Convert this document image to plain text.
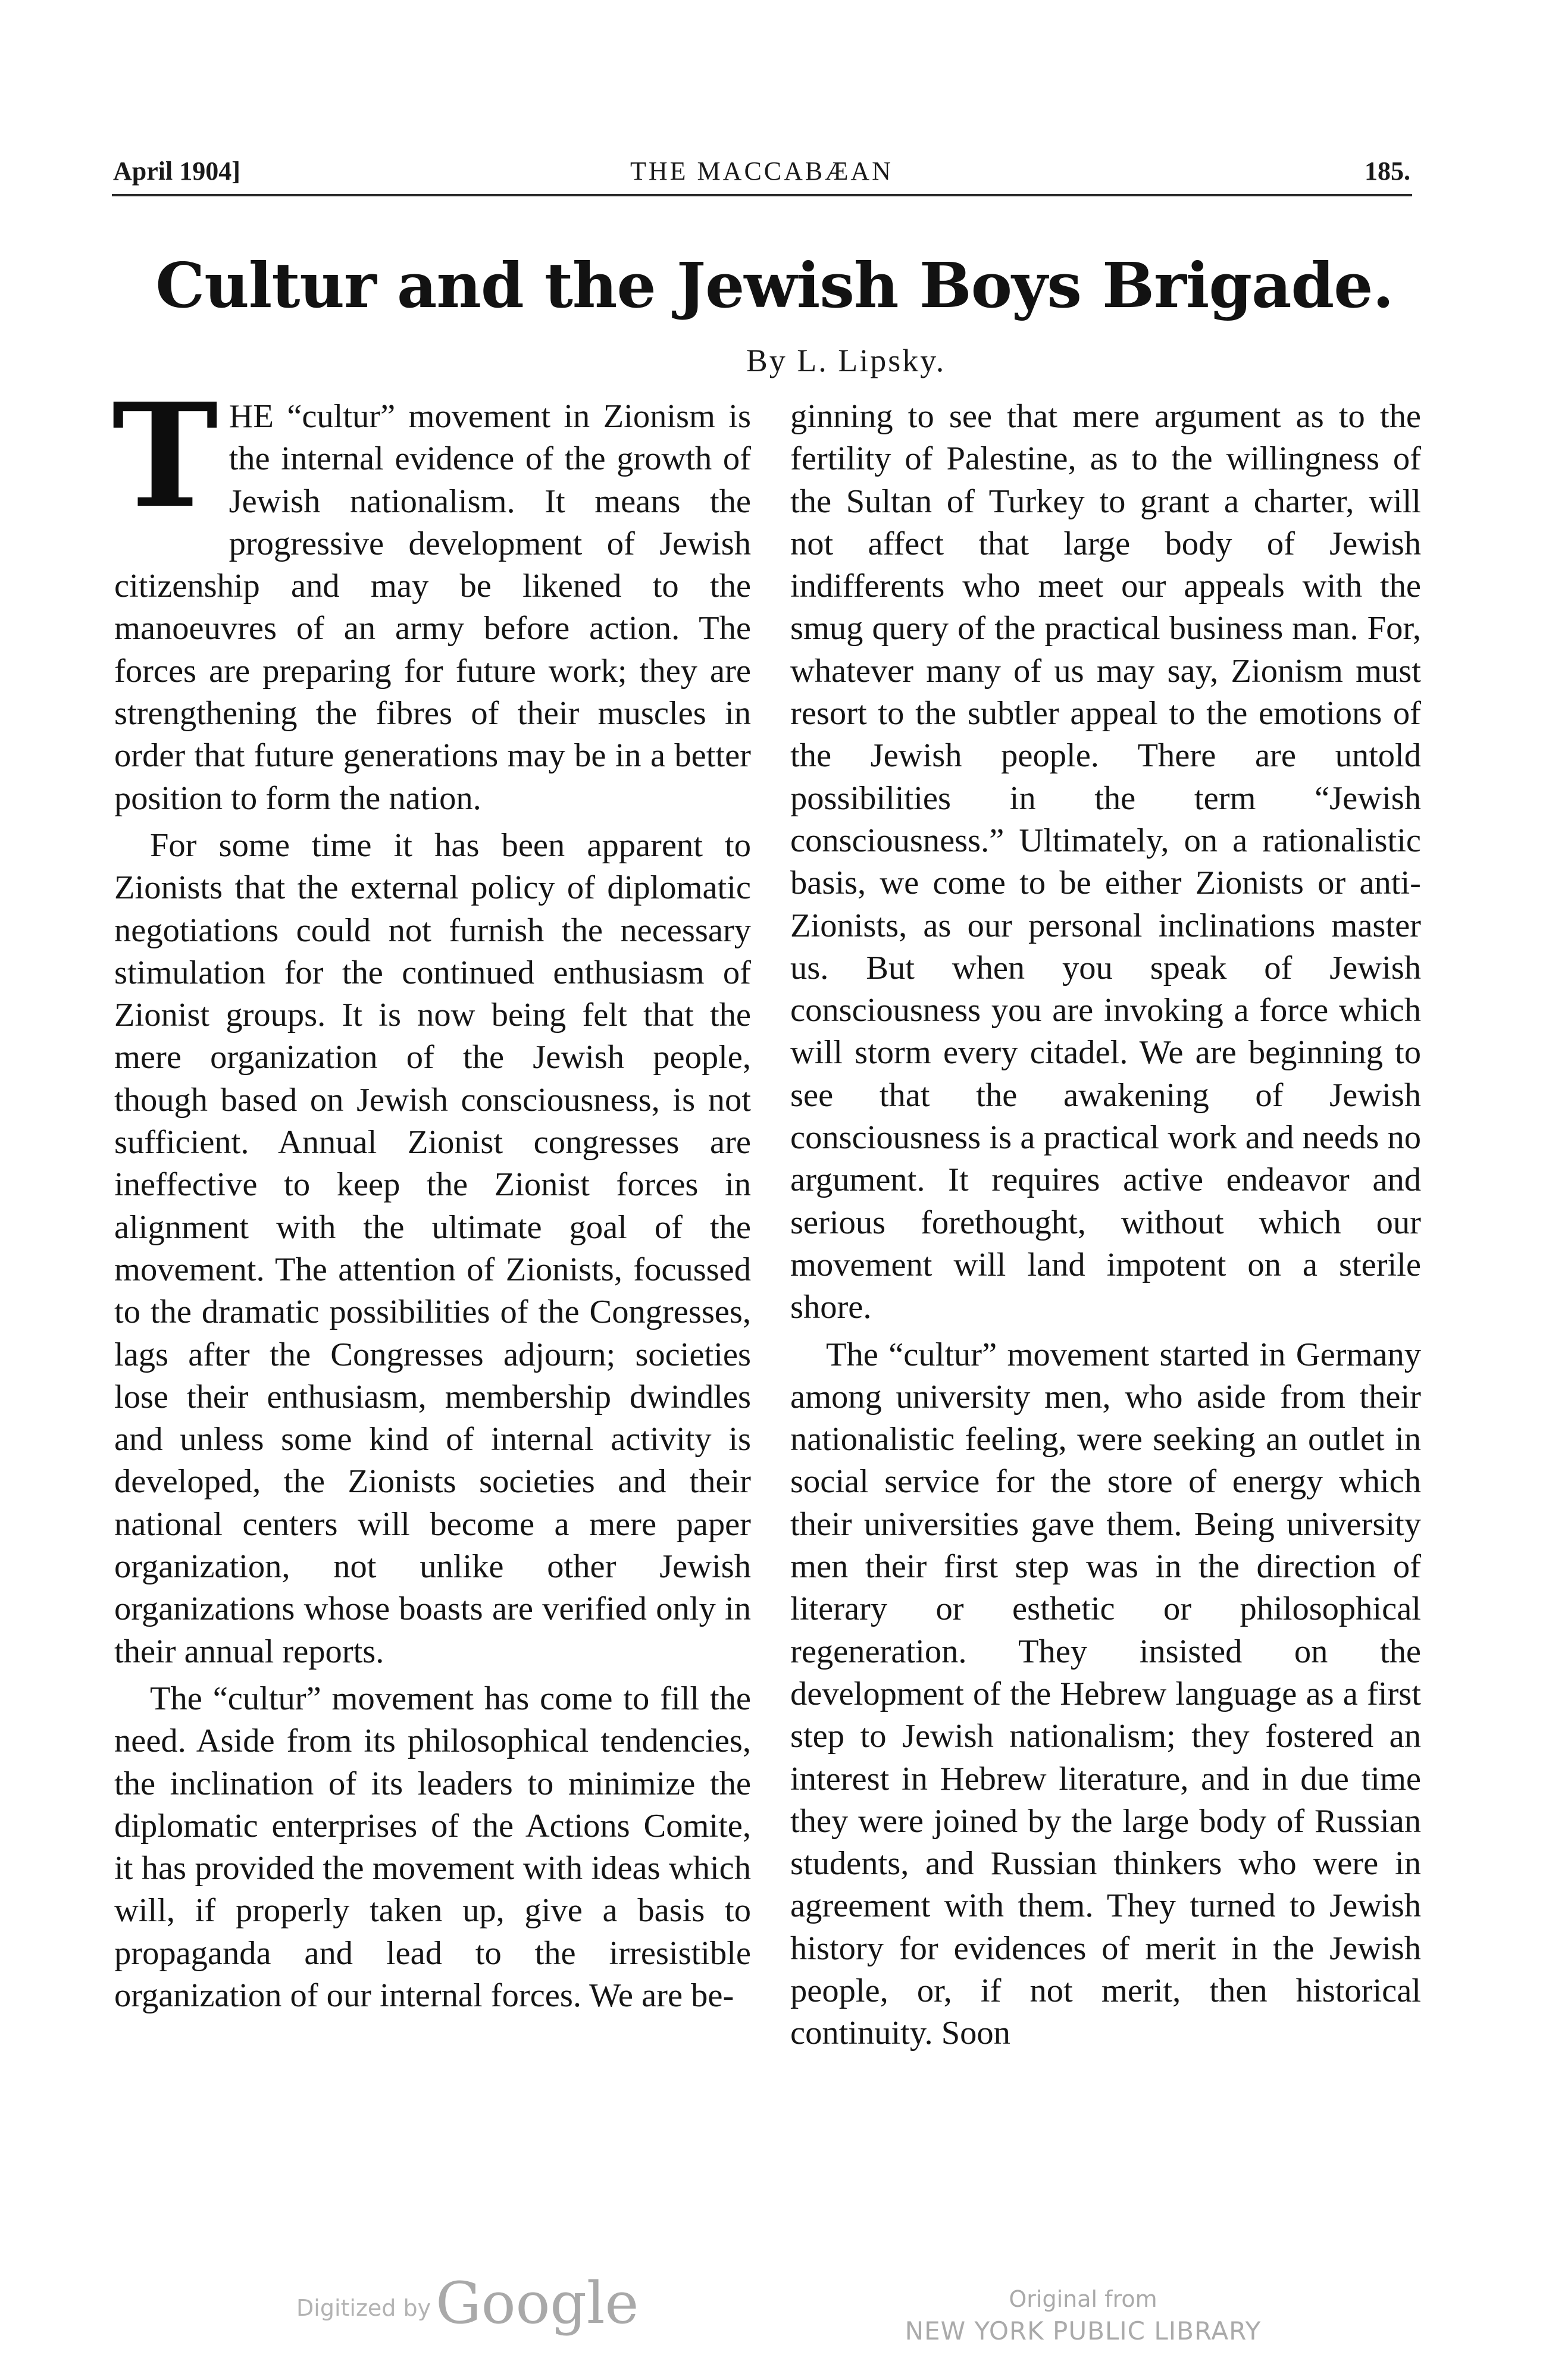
THE MACCABÆAN
April 1904]	185.
Cultur and the Jewish Boys Brigade.
By L. Lipsky.

THE “cultur” movement in Zionism is the internal evidence of the growth of Jewish nationalism. It means the progressive development of Jewish citizenship and may be likened to the manoeuvres of an army before action. The forces are preparing for future work; they are strengthening the fibres of their muscles in order that future generations may be in a better position to form the nation.

For some time it has been apparent to Zionists that the external policy of diplomatic negotiations could not furnish the necessary stimulation for the continued enthusiasm of Zionist groups. It is now being felt that the mere organization of the Jewish people, though based on Jewish consciousness, is not sufficient. Annual Zionist congresses are ineffective to keep the Zionist forces in alignment with the ultimate goal of the movement. The attention of Zionists, focussed to the dramatic possibilities of the Congresses, lags after the Congresses adjourn; societies lose their enthusiasm, membership dwindles and unless some kind of internal activity is developed, the Zionists societies and their national centers will become a mere paper organization, not unlike other Jewish organizations whose boasts are verified only in their annual reports.

The “cultur” movement has come to fill the need. Aside from its philosophical tendencies, the inclination of its leaders to minimize the diplomatic enterprises of the Actions Comite, it has provided the movement with ideas which will, if properly taken up, give a basis to propaganda and lead to the irresistible organization of our internal forces. We are be-

ginning to see that mere argument as to the fertility of Palestine, as to the willingness of the Sultan of Turkey to grant a charter, will not affect that large body of Jewish indifferents who meet our appeals with the smug query of the practical business man. For, whatever many of us may say, Zionism must resort to the subtler appeal to the emotions of the Jewish people. There are untold possibilities in the term “Jewish consciousness.” Ultimately, on a rationalistic basis, we come to be either Zionists or anti-Zionists, as our personal inclinations master us. But when you speak of Jewish consciousness you are invoking a force which will storm every citadel. We are beginning to see that the awakening of Jewish consciousness is a practical work and needs no argument. It requires active endeavor and serious forethought, without which our movement will land impotent on a sterile shore.

The “cultur” movement started in Germany among university men, who aside from their nationalistic feeling, were seeking an outlet in social service for the store of energy which their universities gave them. Being university men their first step was in the direction of literary or esthetic or philosophical regeneration. They insisted on the development of the Hebrew language as a first step to Jewish nationalism; they fostered an interest in Hebrew literature, and in due time they were joined by the large body of Russian students, and Russian thinkers who were in agreement with them. They turned to Jewish history for evidences of merit in the Jewish people, or, if not merit, then historical continuity. Soon

Digitized byGoogle	Original from
NEW YORK PUBLIC LIBRARY
